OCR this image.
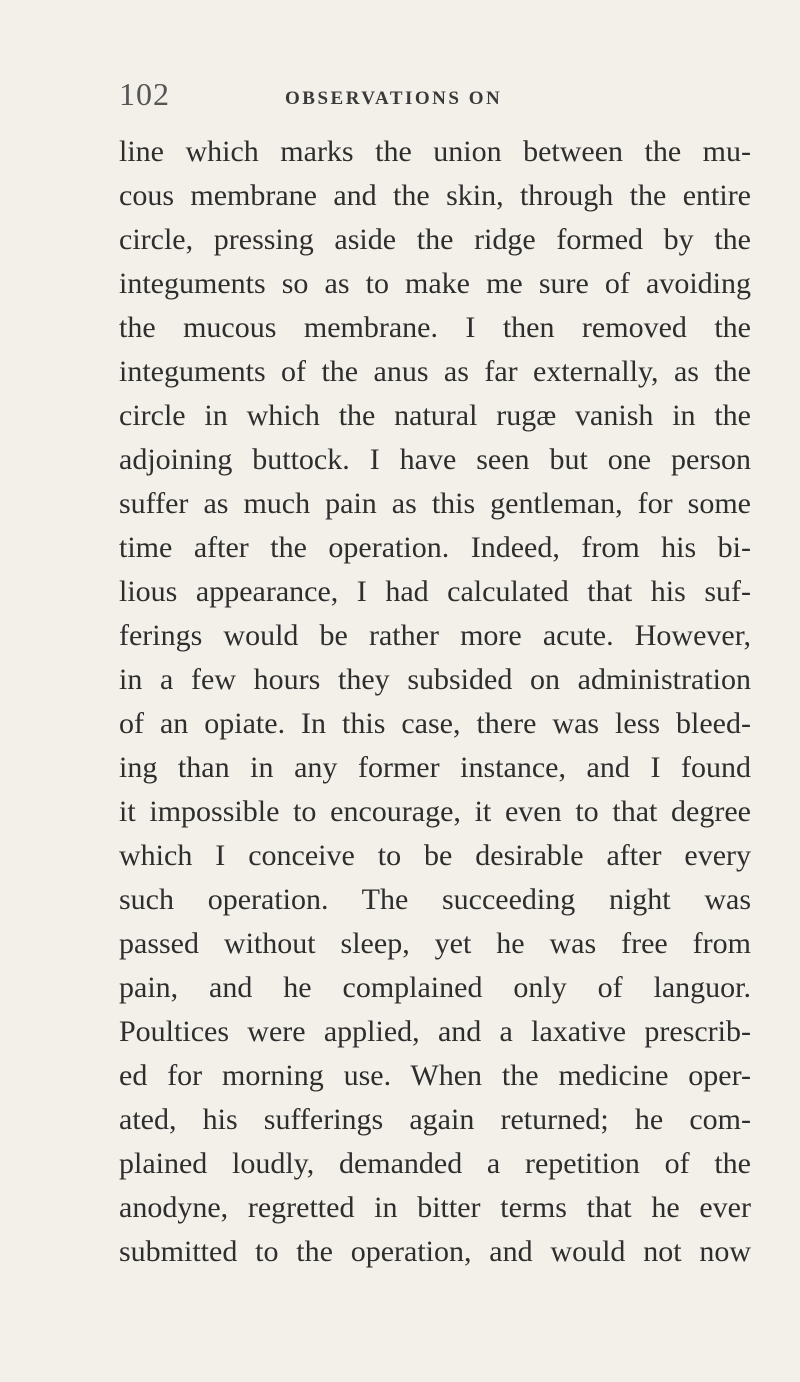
102	OBSERVATIONS ON
line which marks the union between the mu-
cous membrane and the skin, through the entire
circle, pressing aside the ridge formed by the
integuments so as to make me sure of avoiding
the mucous membrane. I then removed the
integuments of the anus as far externally, as the
circle in which the natural rugæ vanish in the
adjoining buttock. I have seen but one person
suffer as much pain as this gentleman, for some
time after the operation. Indeed, from his bi-
lious appearance, I had calculated that his suf-
ferings would be rather more acute. However,
in a few hours they subsided on administration
of an opiate. In this case, there was less bleed-
ing than in any former instance, and I found
it impossible to encourage, it even to that degree
which I conceive to be desirable after every
such operation. The succeeding night was
passed without sleep, yet he was free from
pain, and he complained only of languor.
Poultices were applied, and a laxative prescrib-
ed for morning use. When the medicine oper-
ated, his sufferings again returned; he com-
plained loudly, demanded a repetition of the
anodyne, regretted in bitter terms that he ever
submitted to the operation, and would not now
